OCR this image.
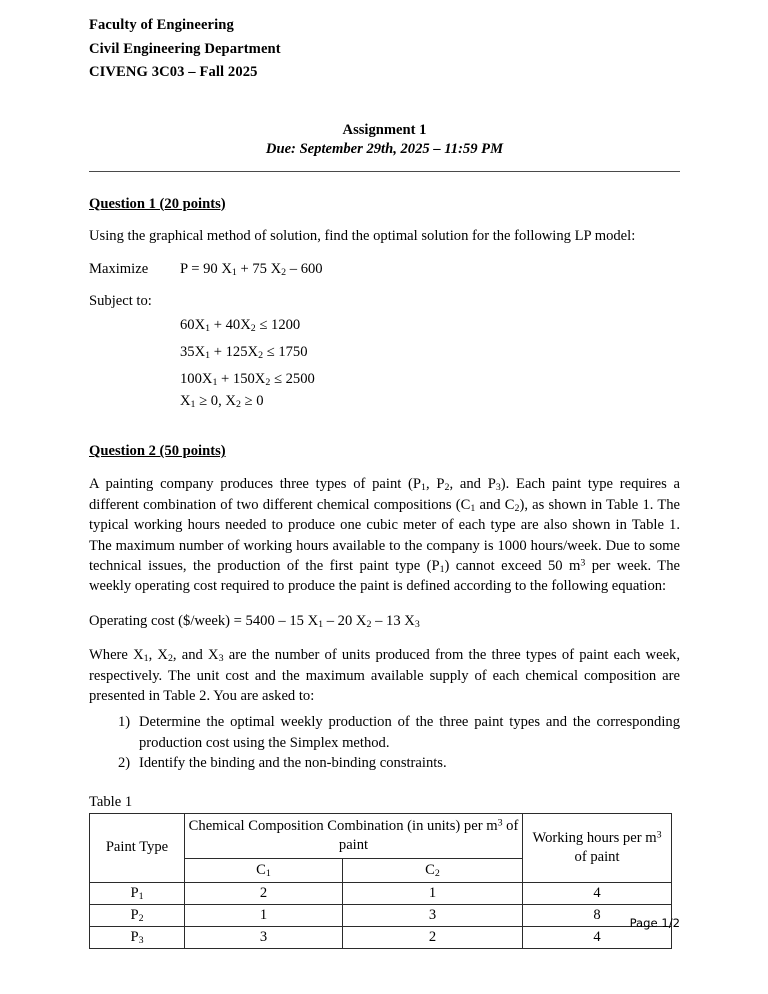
Faculty of Engineering
Civil Engineering Department
CIVENG 3C03 – Fall 2025
Assignment 1
Due: September 29th, 2025 – 11:59 PM
Question 1 (20 points)
Using the graphical method of solution, find the optimal solution for the following LP model:
Maximize P = 90 $X_1 + 75$ $X_2 - 600$
Subject to:
$60X_1 + 40X_2 \le 1200$
$35X_1 + 125X_2 \le 1750$
$100X_1 + 150X_2 \le 2500$
$X_1 \ge 0$, $X_2 \ge 0$
Question 2 (50 points)
A painting company produces three types of paint ($P_1$, $P_2$, and $P_3$). Each paint type requires a different combination of two different chemical compositions ($C_1$ and $C_2$), as shown in Table 1. The typical working hours needed to produce one cubic meter of each type are also shown in Table 1. The maximum number of working hours available to the company is 1000 hours/week. Due to some technical issues, the production of the first paint type $(P_1)$ cannot exceed 50 $m^3$ per week. The weekly operating cost required to produce the paint is defined according to the following equation:
Operating cost ($/week) = 5400 – 15 $X_1 - 20$ $X_2 - 13$ $X_3$
Where $X_1$, $X_2$, and $X_3$ are the number of units produced from the three types of paint each week, respectively. The unit cost and the maximum available supply of each chemical composition are presented in Table 2. You are asked to:
1) Determine the optimal weekly production of the three paint types and the corresponding production cost using the Simplex method.
2) Identify the binding and the non-binding constraints.
Table 1
Paint Type	Chemical Composition Combination (in units) per $m^3$ of paint		Working hours per $m^3$ of paint
	$C_1$	$C_2$
$P_1$	2	1	4
$P_2$	1	3	8
$P_3$	3	2	4
Page 1/2
